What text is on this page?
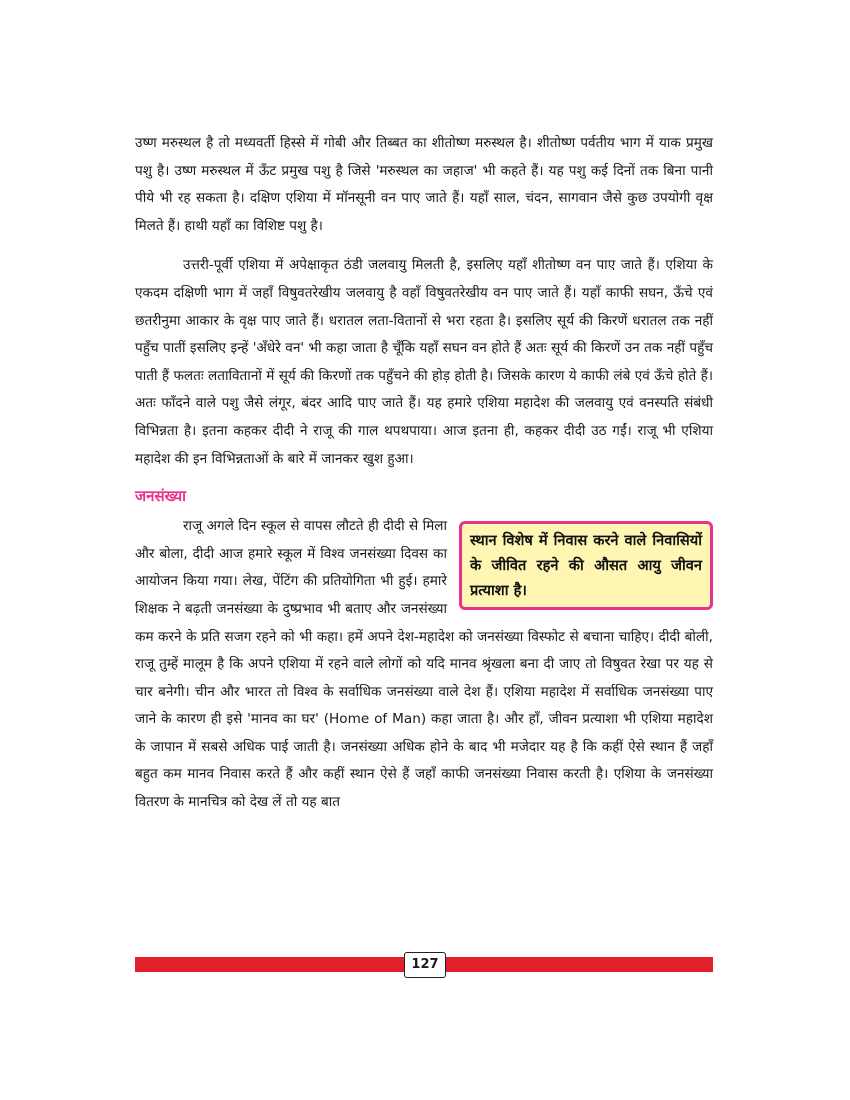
उष्ण मरुस्थल है तो मध्यवर्ती हिस्से में गोबी और तिब्बत का शीतोष्ण मरुस्थल है। शीतोष्ण पर्वतीय भाग में याक प्रमुख पशु है। उष्ण मरुस्थल में ऊँट प्रमुख पशु है जिसे 'मरुस्थल का जहाज' भी कहते हैं। यह पशु कई दिनों तक बिना पानी पीये भी रह सकता है। दक्षिण एशिया में मॉनसूनी वन पाए जाते हैं। यहाँ साल, चंदन, सागवान जैसे कुछ उपयोगी वृक्ष मिलते हैं। हाथी यहाँ का विशिष्ट पशु है।

उत्तरी-पूर्वी एशिया में अपेक्षाकृत ठंडी जलवायु मिलती है, इसलिए यहाँ शीतोष्ण वन पाए जाते हैं। एशिया के एकदम दक्षिणी भाग में जहाँ विषुवतरेखीय जलवायु है वहाँ विषुवतरेखीय वन पाए जाते हैं। यहाँ काफी सघन, ऊँचे एवं छतरीनुमा आकार के वृक्ष पाए जाते हैं। धरातल लता-वितानों से भरा रहता है। इसलिए सूर्य की किरणें धरातल तक नहीं पहुँच पातीं इसलिए इन्हें 'अँधेरे वन' भी कहा जाता है चूँकि यहाँ सघन वन होते हैं अतः सूर्य की किरणें उन तक नहीं पहुँच पाती हैं फलतः लतावितानों में सूर्य की किरणों तक पहुँचने की होड़ होती है। जिसके कारण ये काफी लंबे एवं ऊँचे होते हैं। अतः फाँदने वाले पशु जैसे लंगूर, बंदर आदि पाए जाते हैं। यह हमारे एशिया महादेश की जलवायु एवं वनस्पति संबंधी विभिन्नता है। इतना कहकर दीदी ने राजू की गाल थपथपाया। आज इतना ही, कहकर दीदी उठ गईं। राजू भी एशिया महादेश की इन विभिन्नताओं के बारे में जानकर खुश हुआ।

जनसंख्या
स्थान विशेष में निवास करने वाले निवासियों के जीवित रहने की औसत आयु जीवन प्रत्याशा है।

राजू अगले दिन स्कूल से वापस लौटते ही दीदी से मिला और बोला, दीदी आज हमारे स्कूल में विश्व जनसंख्या दिवस का आयोजन किया गया। लेख, पेंटिंग की प्रतियोगिता भी हुई। हमारे शिक्षक ने बढ़ती जनसंख्या के दुष्प्रभाव भी बताए और जनसंख्या कम करने के प्रति सजग रहने को भी कहा। हमें अपने देश-महादेश को जनसंख्या विस्फोट से बचाना चाहिए। दीदी बोली, राजू तुम्हें मालूम है कि अपने एशिया में रहने वाले लोगों को यदि मानव श्रृंखला बना दी जाए तो विषुवत रेखा पर यह से चार बनेगी। चीन और भारत तो विश्व के सर्वाधिक जनसंख्या वाले देश हैं। एशिया महादेश में सर्वाधिक जनसंख्या पाए जाने के कारण ही इसे 'मानव का घर' (Home of Man) कहा जाता है। और हाँ, जीवन प्रत्याशा भी एशिया महादेश के जापान में सबसे अधिक पाई जाती है। जनसंख्या अधिक होने के बाद भी मजेदार यह है कि कहीं ऐसे स्थान हैं जहाँ बहुत कम मानव निवास करते हैं और कहीं स्थान ऐसे हैं जहाँ काफी जनसंख्या निवास करती है। एशिया के जनसंख्या वितरण के मानचित्र को देख लें तो यह बात

127
